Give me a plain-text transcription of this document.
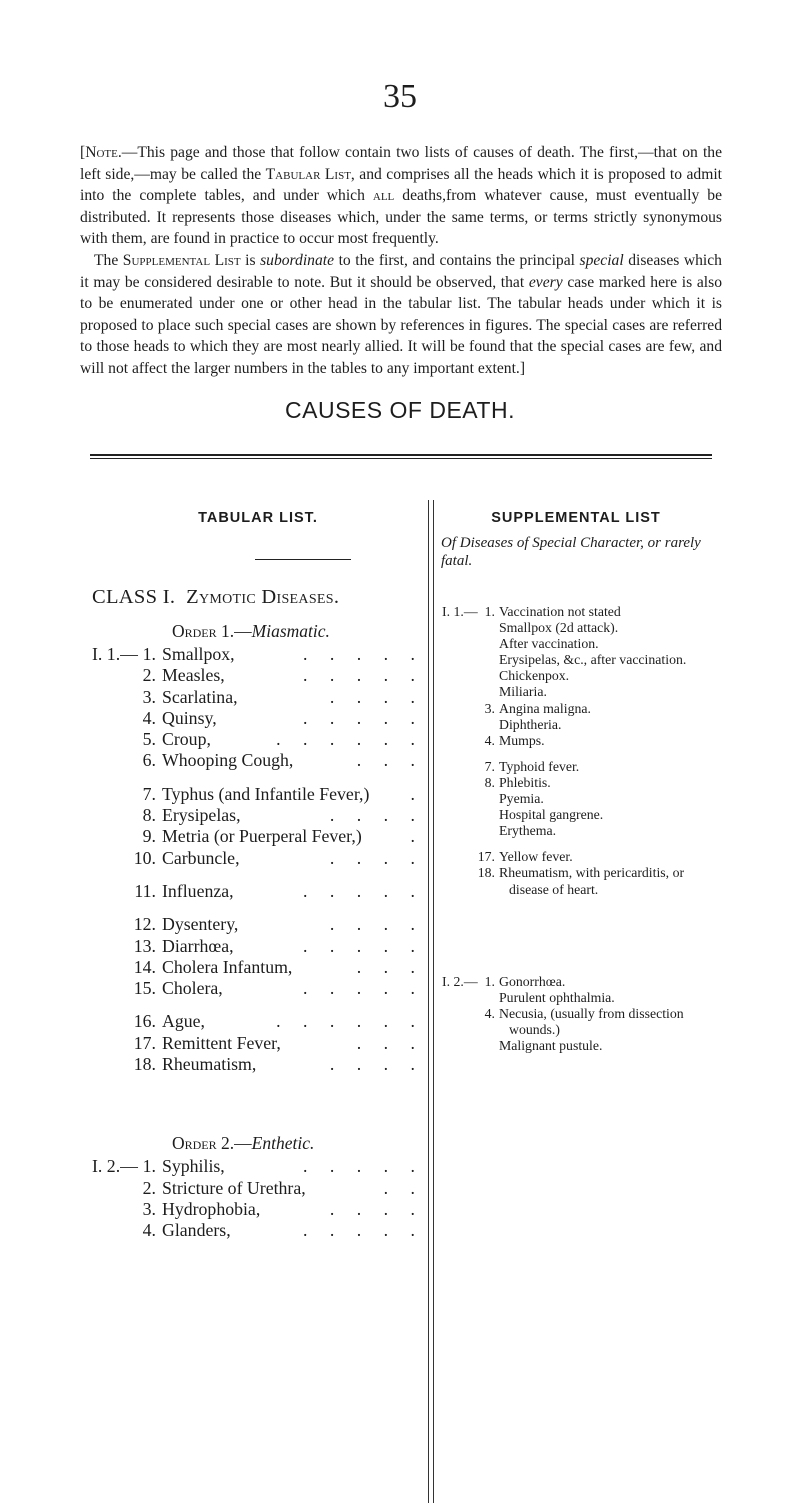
35

[Note.—This page and those that follow contain two lists of causes of death. The first,—that on the left side,—may be called the Tabular List, and comprises all the heads which it is proposed to admit into the complete tables, and under which all deaths,from whatever cause, must eventually be distributed. It represents those diseases which, under the same terms, or terms strictly synonymous with them, are found in practice to occur most frequently.

The Supplemental List is subordinate to the first, and contains the principal special diseases which it may be considered desirable to note. But it should be observed, that every case marked here is also to be enumerated under one or other head in the tabular list. The tabular heads under which it is proposed to place such special cases are shown by references in figures. The special cases are referred to those heads to which they are most nearly allied. It will be found that the special cases are few, and will not affect the larger numbers in the tables to any important extent.]

CAUSES OF DEATH.
TABULAR LIST.
CLASS I. Zymotic Diseases.
Order 1.—Miasmatic.
I. 1.— 1. Smallpox,	. . . . .
2. Measles,	. . . . .
3. Scarlatina,	. . . .
4. Quinsy,	. . . . .
5. Croup,	. . . . . .
6. Whooping Cough,	. . .
7. Typhus (and Infantile Fever,) .
8. Erysipelas,	. . . .
9. Metria (or Puerperal Fever,)	.
10. Carbuncle,	. . . .
11. Influenza,	. . . . .
12. Dysentery,	. . . .
13. Diarrhœa,	. . . . .
14. Cholera Infantum,	. . .
15. Cholera,	. . . . .
16. Ague,	. . . . . .
17. Remittent Fever,	. . .
18. Rheumatism,	. . . .
Order 2.—Enthetic.
I. 2.— 1. Syphilis,	. . . . .
2. Stricture of Urethra,	. .
3. Hydrophobia,	. . . .
4. Glanders,	. . . . .
SUPPLEMENTAL LIST
Of Diseases of Special Character, or rarely fatal.
I. 1.— 1. Vaccination not stated
Smallpox (2d attack).
After vaccination.
Erysipelas, &c., after vaccination.
Chickenpox.
Miliaria.
3. Angina maligna.
Diphtheria.
4. Mumps.
7. Typhoid fever.
8. Phlebitis.
Pyemia.
Hospital gangrene.
Erythema.
17. Yellow fever.
18. Rheumatism, with pericarditis, or disease of heart.
I. 2.— 1. Gonorrhœa.
Purulent ophthalmia.
4. Necusia, (usually from dissection wounds.)
Malignant pustule.
